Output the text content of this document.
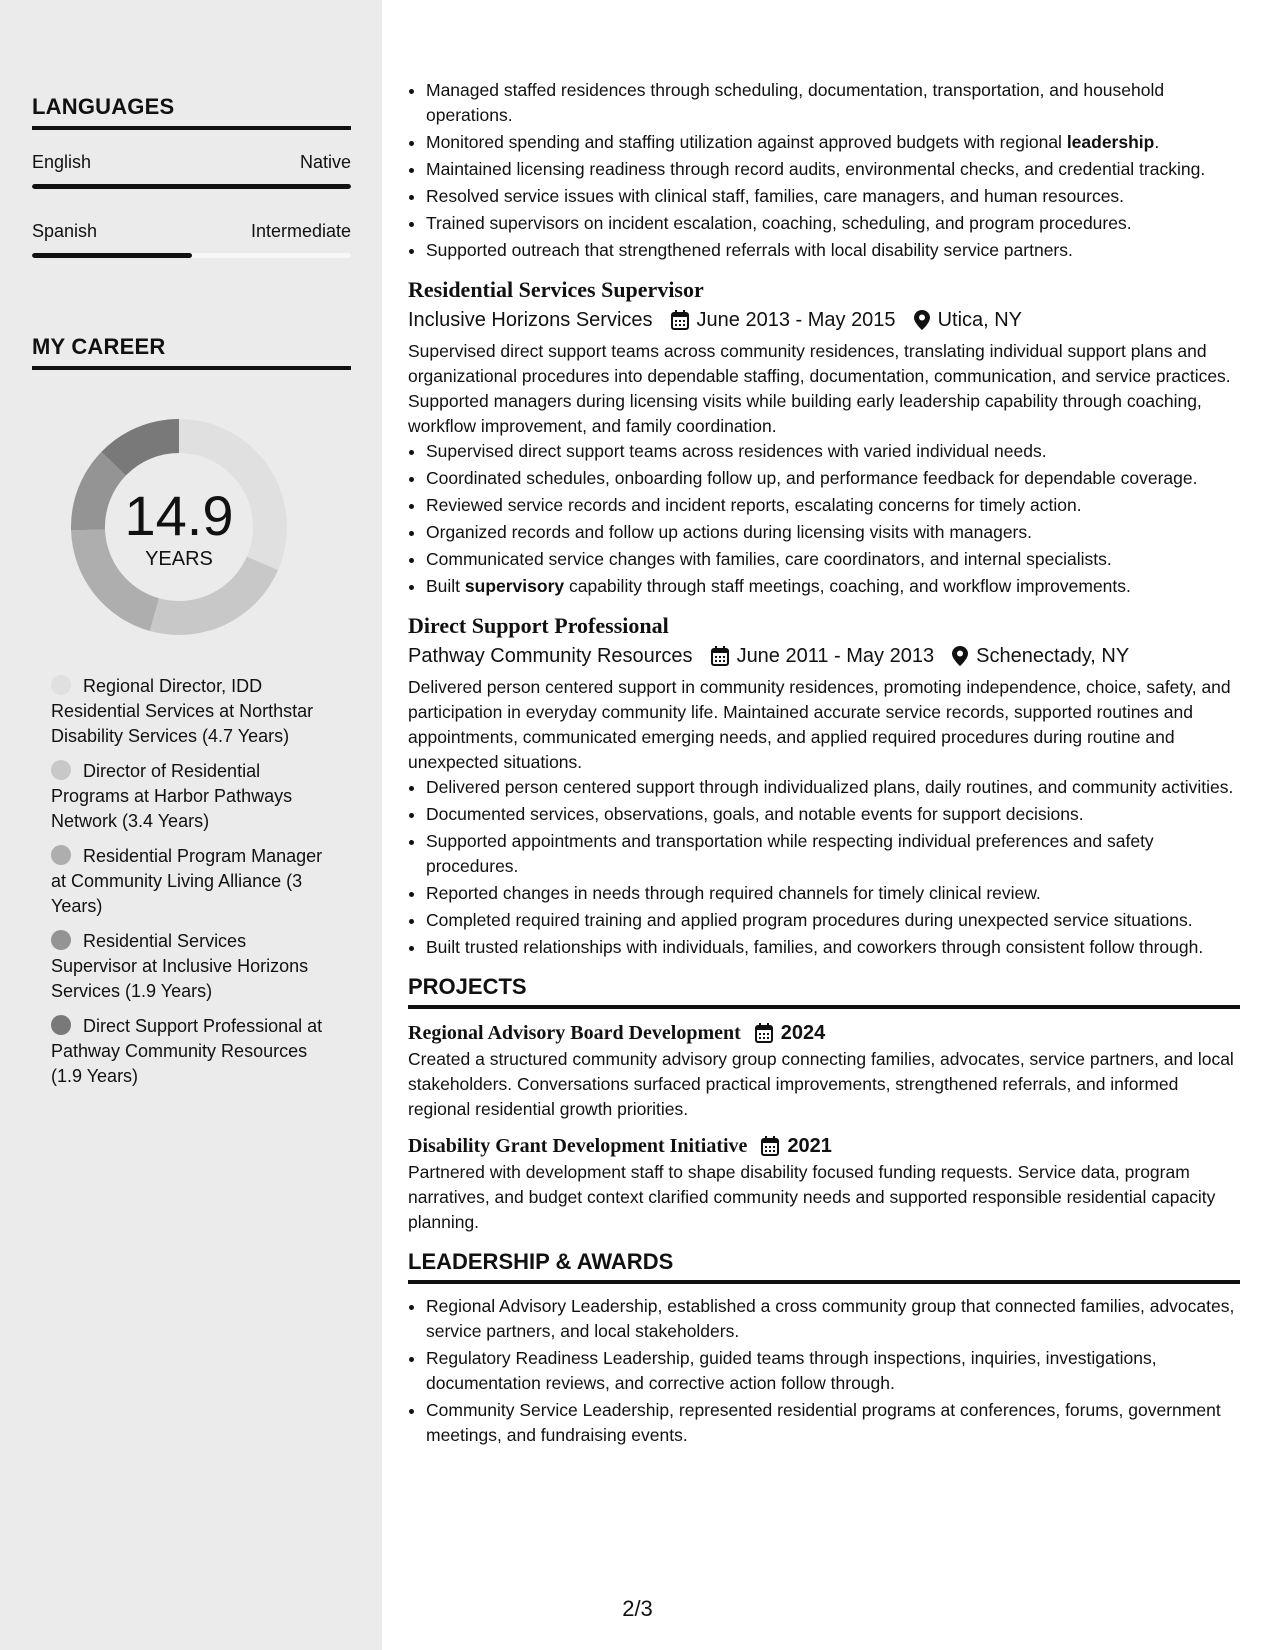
LANGUAGES
English	Native
Spanish	Intermediate
MY CAREER
14.9
YEARS
Regional Director, IDD Residential Services at Northstar Disability Services (4.7 Years)
Director of Residential Programs at Harbor Pathways Network (3.4 Years)
Residential Program Manager at Community Living Alliance (3 Years)
Residential Services Supervisor at Inclusive Horizons Services (1.9 Years)
Direct Support Professional at Pathway Community Resources (1.9 Years)
• Managed staffed residences through scheduling, documentation, transportation, and household operations.
• Monitored spending and staffing utilization against approved budgets with regional leadership.
• Maintained licensing readiness through record audits, environmental checks, and credential tracking.
• Resolved service issues with clinical staff, families, care managers, and human resources.
• Trained supervisors on incident escalation, coaching, scheduling, and program procedures.
• Supported outreach that strengthened referrals with local disability service partners.
Residential Services Supervisor
Inclusive Horizons Services June 2013 - May 2015 Utica, NY

Supervised direct support teams across community residences, translating individual support plans and organizational procedures into dependable staffing, documentation, communication, and service practices. Supported managers during licensing visits while building early leadership capability through coaching, workflow improvement, and family coordination.

• Supervised direct support teams across residences with varied individual needs.
• Coordinated schedules, onboarding follow up, and performance feedback for dependable coverage.
• Reviewed service records and incident reports, escalating concerns for timely action.
• Organized records and follow up actions during licensing visits with managers.
• Communicated service changes with families, care coordinators, and internal specialists.
• Built supervisory capability through staff meetings, coaching, and workflow improvements.
Direct Support Professional
Pathway Community Resources June 2011 - May 2013 Schenectady, NY

Delivered person centered support in community residences, promoting independence, choice, safety, and participation in everyday community life. Maintained accurate service records, supported routines and appointments, communicated emerging needs, and applied required procedures during routine and unexpected situations.

• Delivered person centered support through individualized plans, daily routines, and community activities.
• Documented services, observations, goals, and notable events for support decisions.
• Supported appointments and transportation while respecting individual preferences and safety procedures.
• Reported changes in needs through required channels for timely clinical review.
• Completed required training and applied program procedures during unexpected service situations.
• Built trusted relationships with individuals, families, and coworkers through consistent follow through.
PROJECTS
Regional Advisory Board Development 2024

Created a structured community advisory group connecting families, advocates, service partners, and local stakeholders. Conversations surfaced practical improvements, strengthened referrals, and informed regional residential growth priorities.

Disability Grant Development Initiative 2021

Partnered with development staff to shape disability focused funding requests. Service data, program narratives, and budget context clarified community needs and supported responsible residential capacity planning.

LEADERSHIP & AWARDS
• Regional Advisory Leadership, established a cross community group that connected families, advocates, service partners, and local stakeholders.
• Regulatory Readiness Leadership, guided teams through inspections, inquiries, investigations, documentation reviews, and corrective action follow through.
• Community Service Leadership, represented residential programs at conferences, forums, government meetings, and fundraising events.
2/3
